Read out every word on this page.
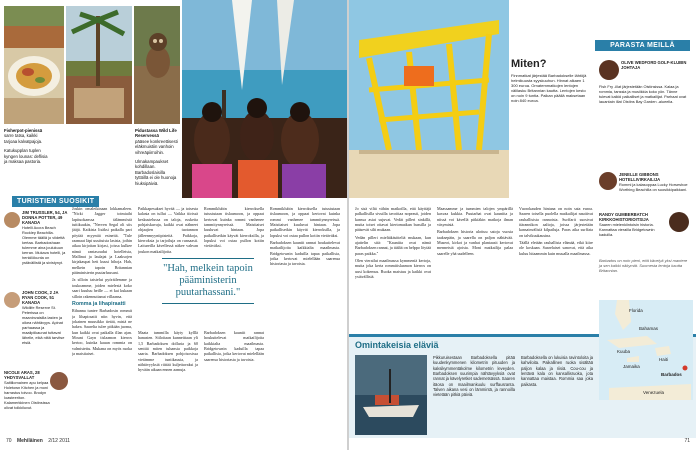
Fisherpot-pienissä
sarre tatsa, kaikki tarjoaa kalvatpajoja.
Katukupplan tuplen kyngen lounas: deflisia ja maksaa pastoria.
Pidustassa Wild Life Reservessä
pääsee konkreettisesti eläkmuistiin vanhoin vihreäpiirroihin.
Ulmakampaukset kohdillaan. Barbadoslaisilla tyttöillä ei ole huonoja hiuksipäiviä.
TURISTIEN SUOSIKIT
JIM TRUSSLER, 54, JA DONNA POTTER, 49 KANADA
Hotelli Accra Beach Rockley Beachilla. Olemme täällä jo viidettä kertaa. Barbadoshaan tulemme aina joulukuun kerran. Mukava hotelli, ja henkilökunta on ystävällistä ja sivistynyt.
JOHN COOK, 2 JA RYAN COOK, 51 KANADA
Wildlife Reserve St. Peterissa on maaninvaisilla lasten ja oikea nähtävyys. Apinat parhaassa ja maalipiikaunat tuttavat lähelle, eikä niitä tarvitse etsiä.
NICOLE ARAS, 28 YHDYSVALLAT
Saltillomainen apu kelpaa Holetown Kitchen ja moni harrastus toivoo. Brodyn Ioasteeriton. Kalamerkkinen Oistinsissa olivat tolkkiluvut.

Joskin omaleikinaan lokkamaleen. "Nicki Jagger toimiaihi lapituokanssa tälämmöstä tuttikuukin, "Nerven Segal oli siis jääjä. Kaikista lisäksi paikalla pari pöytää myyntiä esineitä. "Tule raamaat läpi uusituista lasista, joihin aikaa kirjoitan kirjasi, joissa kulkee nämä rantasoudut hotelleista, Mallinat ja laulajat ja Laaksojen kirjakaupat heti kuusi hihoja. Hah, melkein tapoin Britannian pääministerin puutarhassani.

Ja silloin taistelut pyöräilemme ja toukoamme, joiden mielestä koko saari kuuluu heille — ei kai kukaan silloin rakennuttanut villaansa.

Romma ja lihapiraatti

Rihanna tuntee Barbadosin rommit ja lihapiraatit niin hyvin, että jokainen muusikko tietää, mistä ne hakea. Saarelta tulee pitkään juoma, kun kaikki ovat paikalla illan ajan. Mount Gayn tislaamon kierros kertoo, kuinka kauan rommia on valmistettu. Mukana on myös ruoka ja maistiaiset.

Paikkapesukset hyvää — ja toisesta kalasta on tullut — Vaikka tiirissä keskustelussa on taloja, ruskeita pohjaiskuvaja, kaikki ovat nähneet ohjaajien tuotannon jälleenmyyntipisteitä. Paikkoja, kierroksia ja tarjoiluja on runsaasti. Laitureilla kävellessä näkee vahvan joukon matkailijoita.

"Hah, melkein tapoin pääministerin puutarhassani."

Maata tummilla käyty kylllä hanasten. Siiloitaan kunneittaan yli 1,5 Barbadoksen dollaria ja 60 senttiä miten tuhansia paikkoja saarta. Barbadoksen pohjoisosissa vietämme tuntikausia, ja nähtävyyksiä riittää kuljettavaksi ja hyvään aikaan ennen aamuja.

Rommiklubin kierroksella tutustutaan tislaamoon, ja oppaat kertovat kuinka rommi vanhenee tammitynnyreissä. Maistiaiset kuuluvat hintaan. Jopa paikallisetkin käyvät kierroksilla, ja lopuksi voi ostaa pullon kotiin vietäväksi.

Barbadoksen kauniit rannat houkuttelevat matkailijoita kaikkialta maailmasta. Bridgetownin kaduilla tapaa paikallisia, jotka kertovat mielellään saarensa historiasta ja tavoista.

Rommiklubin kierroksella tutustutaan tislaamoon, ja oppaat kertovat kuinka rommi vanhenee tammitynnyreissä. Maistiaiset kuuluvat hintaan. Jopa paikallisetkin käyvät kierroksilla, ja lopuksi voi ostaa pullon kotiin vietäväksi.

Barbadoksen kauniit rannat houkuttelevat matkailijoita kaikkialta maailmasta. Bridgetownin kaduilla tapaa paikallisia, jotka kertovat mielellään saarensa historiasta ja tavoista.

70 Mehiläinen 2/12 2011
Miten?
Finnmatkat järjestää Barbadokselle lähtöjä helmikuusta syyskuuhun. Hinnat alkaen 1 300 euroa. Ornatemmatkojen lentojen välilasku Britannian kautta. Lentojen kesto on noin 9 tuntia. Paikan päällä maksetaan noin 840 euroa.
PARASTA MEILLÄ
OLIVE WEDFORD GOLF-KLUBIN JOHTAJA
Fish Fry -illat järjestetään Oistinsissa. Kalaa ja rommia, tanssia ja musiikkia koko yön. Tänne tulevat kaikki paikalliset ja matkailijat. Parhaat ovat lauantain illat Oistins Bay Garden -alueella.
JENELLE GIBBONS HOTELLIVIRKAILIJA
Rommi ja kalasoppaa Lucky Horseshoe Worthing Beachilla on suosikkipaikkani.
RANDY GUMBERBATCH KIRKKOHISTORIOITSIJA
Saaren mielenkiintoisin historia. Kannattaa vierailla Bridgetownin kaduilla.

Jo sisä viltä vähän matkoilla, että käyttäjä palkallisilla sivuilla tavoittaa nopeasti, joiden kanssa asiat sujuvat. Vedät pilleri sinkillä, mutta toiset ottavat kiertomatkan bussilla ja pääsevät silti mukaan.

Vedän pilleri mieltäkäsitteliä mukaan, kun ajattelin sitä: "Kauniita ovat nämä Barbadoksen rannat, ja täältä on helppo löytää paras paikka."

Olen vierailut maailmassa kymmeniä kertoja, mutta joka kerta rommitislaamon kierros on uusi kokemus. Ruoka maistuu ja kaikki ovat ystävällisiä.

Maassamme ja tummien talojen ympärillä kasvaa kukkia. Puutarhat ovat kauniita ja niissä voi kävellä pitkiäkin matkoja ilman väsymistä.

Barbadoksen historia ulottuu satoja vuosia taaksepäin, ja saarella on paljon nähtävää. Museot, kirkot ja vanhat plantaasit kertovat menneistä ajoista. Moni matkailija palaa saarelle yhä uudelleen.

Vuorokauden hintana on noin sata euroa. Saaren toisella puolella matkailijat nauttivat rauhallisista rannoista. Surffarit suosivat itärannikon aaltoja, joissa järjestetään kansainvälisiä kilpailuja. Paras aika surffata on talvikuukausina.

Täällä eletään rauhallista elämää, eikä kiire ole koskaan. Saarelaiset sanovat, että aika kuluu hitaammin kuin muualla maailmassa.

Omintakeisia eläviä

Pikkuruisestaan Barbadoksella pitää kuudenkymmenen kilometrin pituuden ja kaksikymmentäkolme kilometrin leveyden. Barbadoksen suurimpia nähtävyyksiä ovat rannat ja kävelyretket sademetsässä. Saaren itäosa on maailmankuulu surffausranta. Talven aikana vesi on lämmintä, ja rannoilla vietetään pitkiä päiviä.

Barbadoksella on lukuisia ravintoloita ja kahviloita. Paikallinen ruoka sisältää paljon kalaa ja riisiä. Cou-cou ja lentävä kala on kansallisruoka, jota kannattaa maistaa. Rommia saa joka paikasta.

Florida
Bahamas
Kuuba
Jamaika
Haiti
Barbados
Venezuela
Barbados on noin pieni, että kävelyä yksi mantere ja sen kaikki näkymät. Suomesta lentoja kautta Britannian.
71
